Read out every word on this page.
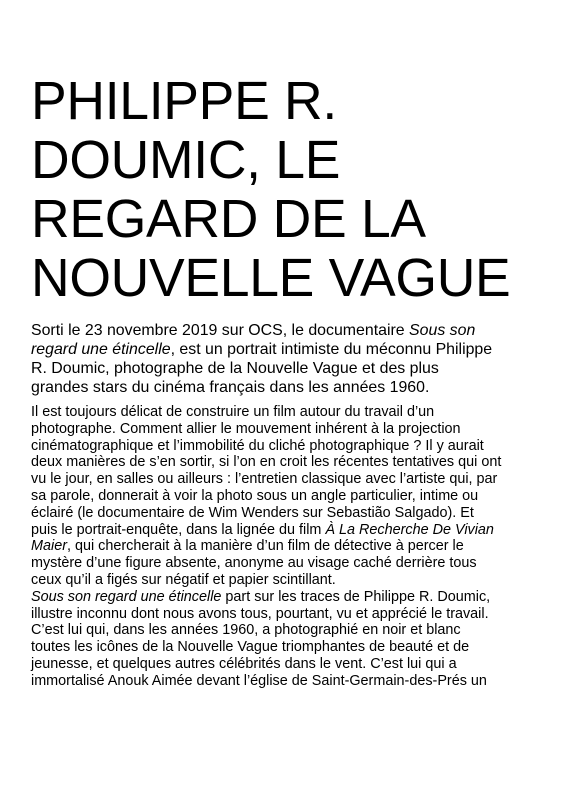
PHILIPPE R.
DOUMIC, LE
REGARD DE LA
NOUVELLE VAGUE

Sorti le 23 novembre 2019 sur OCS, le documentaire Sous son
regard une étincelle, est un portrait intimiste du méconnu Philippe
R. Doumic, photographe de la Nouvelle Vague et des plus
grandes stars du cinéma français dans les années 1960.

Il est toujours délicat de construire un film autour du travail d’un
photographe. Comment allier le mouvement inhérent à la projection
cinématographique et l’immobilité du cliché photographique ? Il y aurait
deux manières de s’en sortir, si l’on en croit les récentes tentatives qui ont
vu le jour, en salles ou ailleurs : l’entretien classique avec l’artiste qui, par
sa parole, donnerait à voir la photo sous un angle particulier, intime ou
éclairé (le documentaire de Wim Wenders sur Sebastião Salgado). Et
puis le portrait-enquête, dans la lignée du film À La Recherche De Vivian
Maier, qui chercherait à la manière d’un film de détective à percer le
mystère d’une figure absente, anonyme au visage caché derrière tous
ceux qu’il a figés sur négatif et papier scintillant.
Sous son regard une étincelle part sur les traces de Philippe R. Doumic,
illustre inconnu dont nous avons tous, pourtant, vu et apprécié le travail.
C’est lui qui, dans les années 1960, a photographié en noir et blanc
toutes les icônes de la Nouvelle Vague triomphantes de beauté et de
jeunesse, et quelques autres célébrités dans le vent. C’est lui qui a
immortalisé Anouk Aimée devant l’église de Saint-Germain-des-Prés un
